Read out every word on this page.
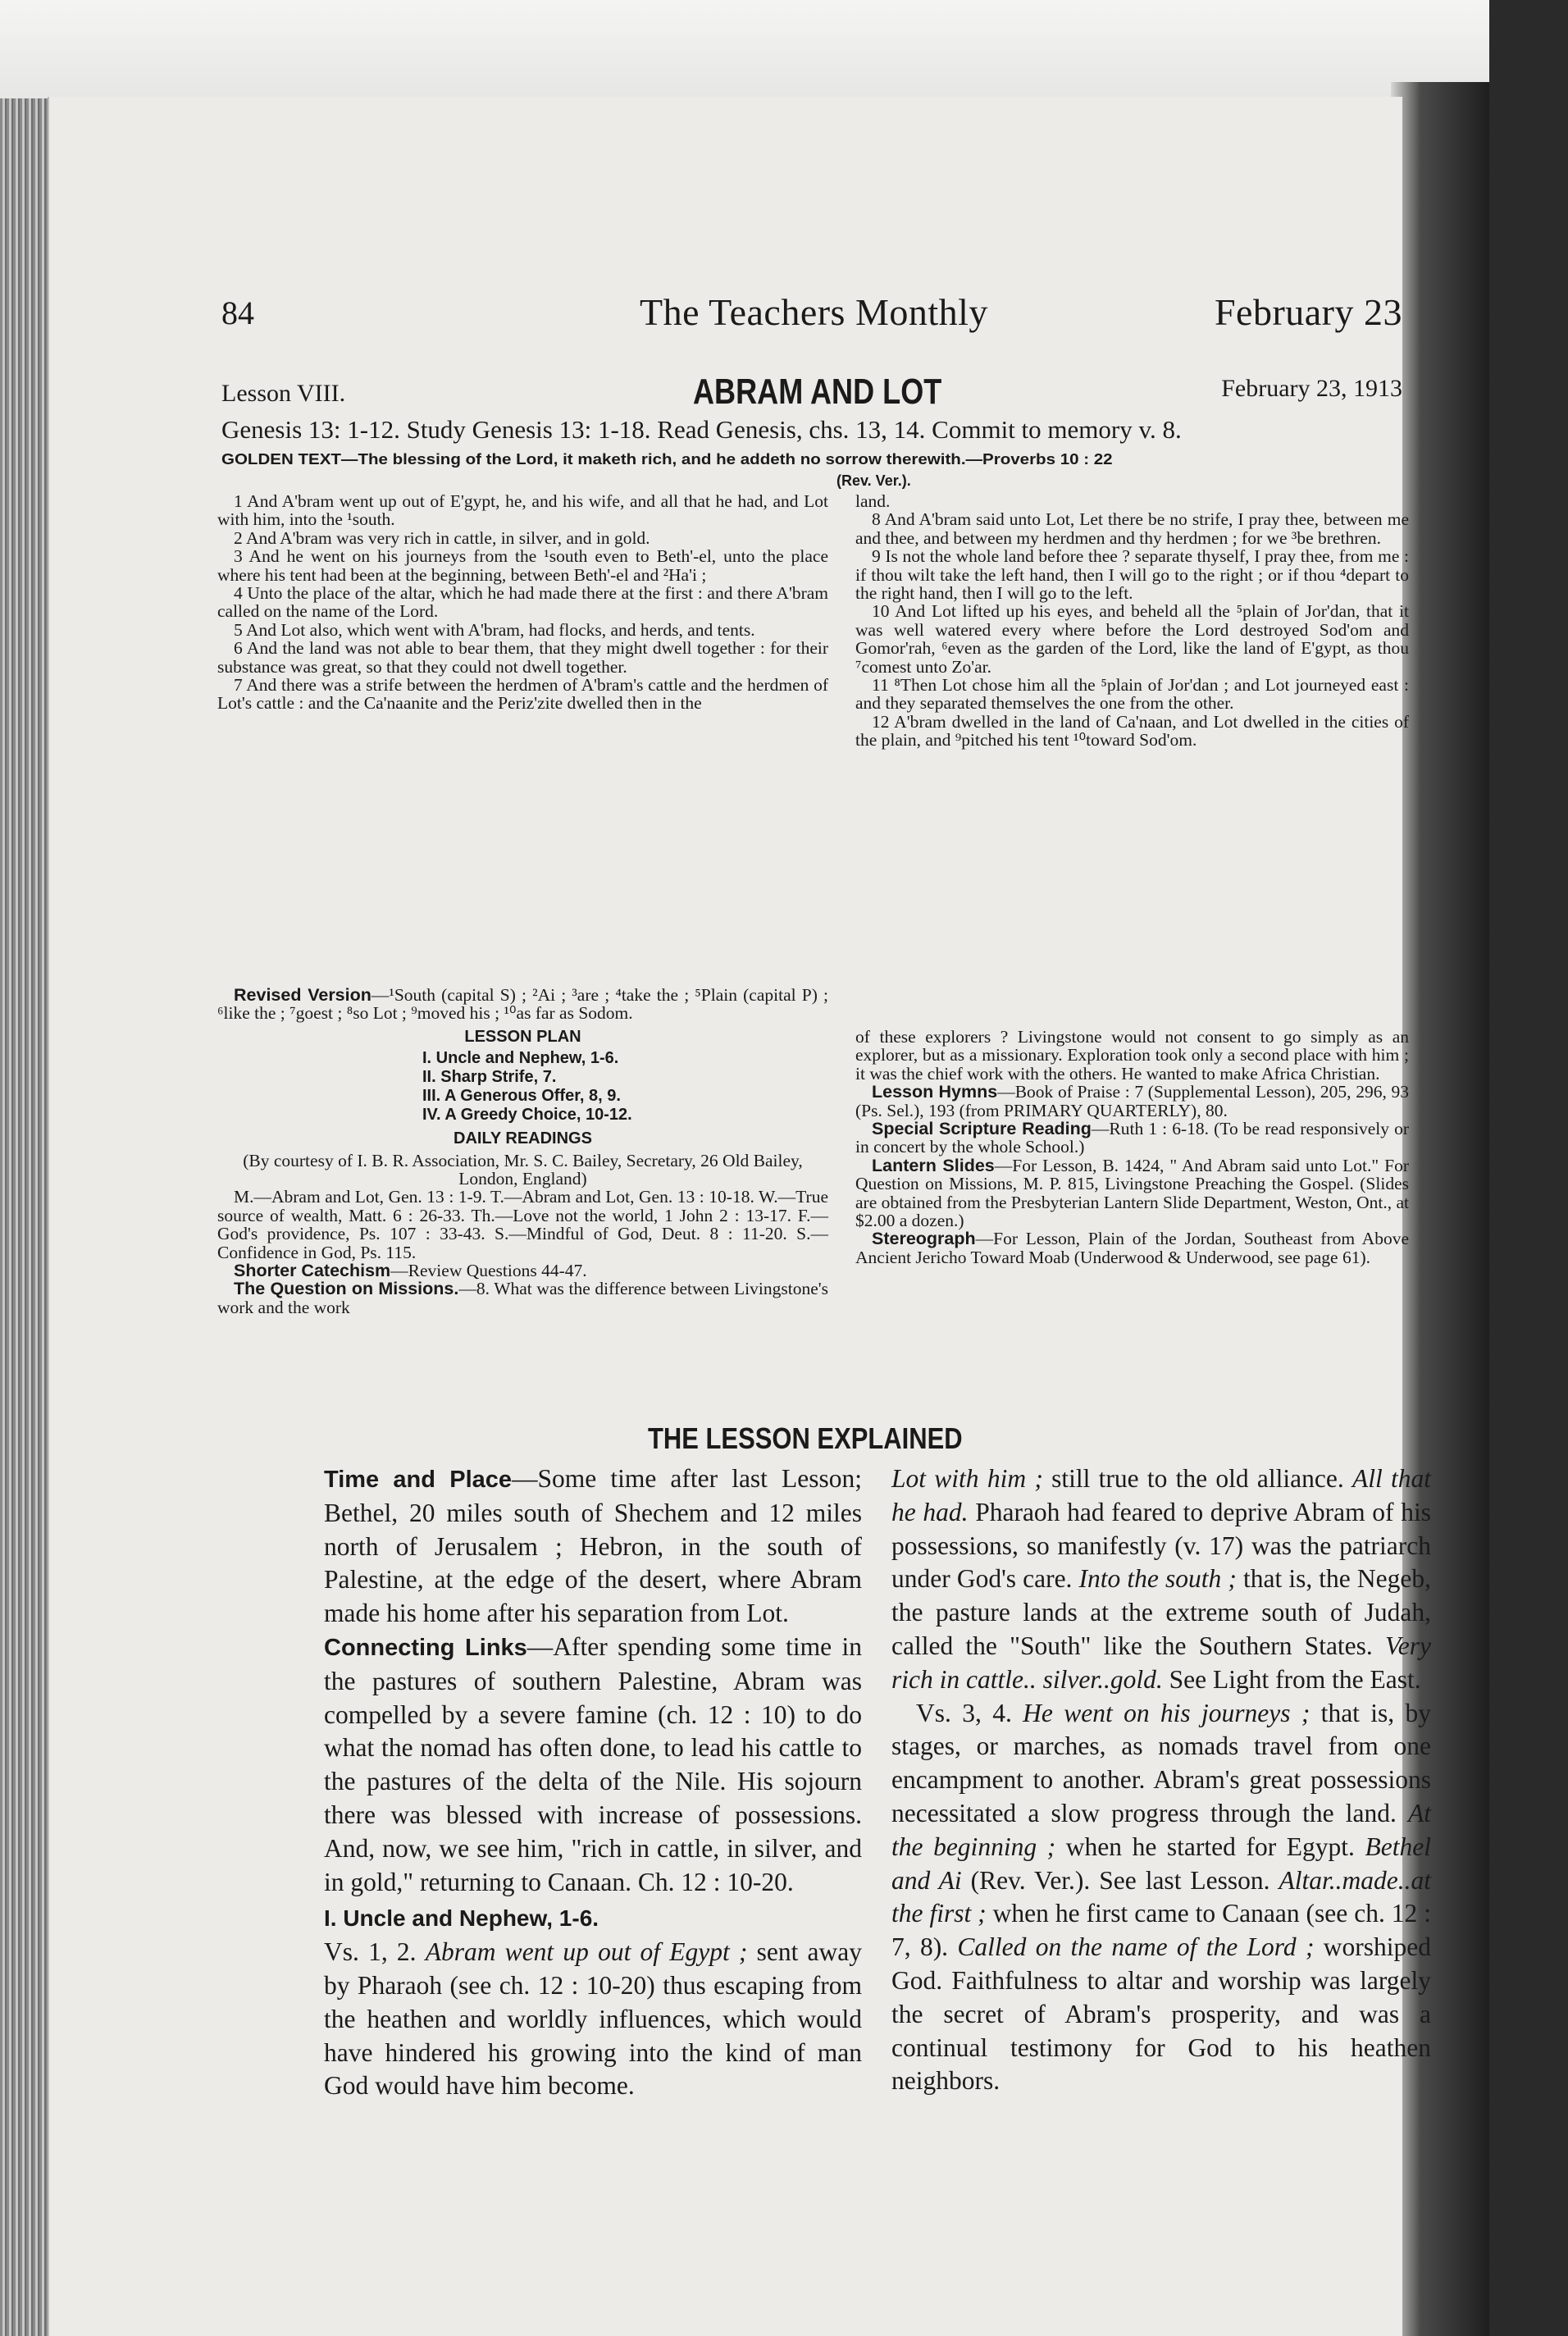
84	The Teachers Monthly	February 23
Lesson VIII.	ABRAM AND LOT	February 23, 1913
Genesis 13: 1-12. Study Genesis 13: 1-18. Read Genesis, chs. 13, 14. Commit to memory v. 8.
GOLDEN TEXT—The blessing of the Lord, it maketh rich, and he addeth no sorrow therewith.—Proverbs 10 : 22
(Rev. Ver.).

1 And A'bram went up out of E'gypt, he, and his wife, and all that he had, and Lot with him, into the ¹south.

2 And A'bram was very rich in cattle, in silver, and in gold.

3 And he went on his journeys from the ¹south even to Beth'-el, unto the place where his tent had been at the beginning, between Beth'-el and ²Ha'i ;

4 Unto the place of the altar, which he had made there at the first : and there A'bram called on the name of the Lord.

5 And Lot also, which went with A'bram, had flocks, and herds, and tents.

6 And the land was not able to bear them, that they might dwell together : for their substance was great, so that they could not dwell together.

7 And there was a strife between the herdmen of A'bram's cattle and the herdmen of Lot's cattle : and the Ca'naanite and the Periz'zite dwelled then in the

land.

8 And A'bram said unto Lot, Let there be no strife, I pray thee, between me and thee, and between my herdmen and thy herdmen ; for we ³be brethren.

9 Is not the whole land before thee ? separate thyself, I pray thee, from me : if thou wilt take the left hand, then I will go to the right ; or if thou ⁴depart to the right hand, then I will go to the left.

10 And Lot lifted up his eyes, and beheld all the ⁵plain of Jor'dan, that it was well watered every where before the Lord destroyed Sod'om and Gomor'rah, ⁶even as the garden of the Lord, like the land of E'gypt, as thou ⁷comest unto Zo'ar.

11 ⁸Then Lot chose him all the ⁵plain of Jor'dan ; and Lot journeyed east : and they separated themselves the one from the other.

12 A'bram dwelled in the land of Ca'naan, and Lot dwelled in the cities of the plain, and ⁹pitched his tent ¹⁰toward Sod'om.

Revised Version—¹South (capital S) ; ²Ai ; ³are ; ⁴take the ; ⁵Plain (capital P) ; ⁶like the ; ⁷goest ; ⁸so Lot ; ⁹moved his ; ¹⁰as far as Sodom.

LESSON PLAN
I. Uncle and Nephew, 1-6.
II. Sharp Strife, 7.
III. A Generous Offer, 8, 9.
IV. A Greedy Choice, 10-12.
DAILY READINGS

(By courtesy of I. B. R. Association, Mr. S. C. Bailey, Secretary, 26 Old Bailey, London, England)

M.—Abram and Lot, Gen. 13 : 1-9. T.—Abram and Lot, Gen. 13 : 10-18. W.—True source of wealth, Matt. 6 : 26-33. Th.—Love not the world, 1 John 2 : 13-17. F.—God's providence, Ps. 107 : 33-43. S.—Mindful of God, Deut. 8 : 11-20. S.—Confidence in God, Ps. 115.

Shorter Catechism—Review Questions 44-47.

The Question on Missions.—8. What was the difference between Livingstone's work and the work

of these explorers ? Livingstone would not consent to go simply as an explorer, but as a missionary. Exploration took only a second place with him ; it was the chief work with the others. He wanted to make Africa Christian.

Lesson Hymns—Book of Praise : 7 (Supplemental Lesson), 205, 296, 93 (Ps. Sel.), 193 (from PRIMARY QUARTERLY), 80.

Special Scripture Reading—Ruth 1 : 6-18. (To be read responsively or in concert by the whole School.)

Lantern Slides—For Lesson, B. 1424, " And Abram said unto Lot." For Question on Missions, M. P. 815, Livingstone Preaching the Gospel. (Slides are obtained from the Presbyterian Lantern Slide Department, Weston, Ont., at $2.00 a dozen.)

Stereograph—For Lesson, Plain of the Jordan, Southeast from Above Ancient Jericho Toward Moab (Underwood & Underwood, see page 61).

THE LESSON EXPLAINED

Time and Place—Some time after last Lesson; Bethel, 20 miles south of Shechem and 12 miles north of Jerusalem ; Hebron, in the south of Palestine, at the edge of the desert, where Abram made his home after his separation from Lot.

Connecting Links—After spending some time in the pastures of southern Palestine, Abram was compelled by a severe famine (ch. 12 : 10) to do what the nomad has often done, to lead his cattle to the pastures of the delta of the Nile. His sojourn there was blessed with increase of possessions. And, now, we see him, "rich in cattle, in silver, and in gold," returning to Canaan. Ch. 12 : 10-20.

I. Uncle and Nephew, 1-6.

Vs. 1, 2. Abram went up out of Egypt ; sent away by Pharaoh (see ch. 12 : 10-20) thus escaping from the heathen and worldly influences, which would have hindered his growing into the kind of man God would have him become.

Lot with him ; still true to the old alliance. All that he had. Pharaoh had feared to deprive Abram of his possessions, so manifestly (v. 17) was the patriarch under God's care. Into the south ; that is, the Negeb, the pasture lands at the extreme south of Judah, called the "South" like the Southern States. Very rich in cattle.. silver..gold. See Light from the East.

Vs. 3, 4. He went on his journeys ; that is, by stages, or marches, as nomads travel from one encampment to another. Abram's great possessions necessitated a slow progress through the land. At the beginning ; when he started for Egypt. Bethel and Ai (Rev. Ver.). See last Lesson. Altar..made..at the first ; when he first came to Canaan (see ch. 12 : 7, 8). Called on the name of the Lord ; worshiped God. Faithfulness to altar and worship was largely the secret of Abram's prosperity, and was a continual testimony for God to his heathen neighbors.
